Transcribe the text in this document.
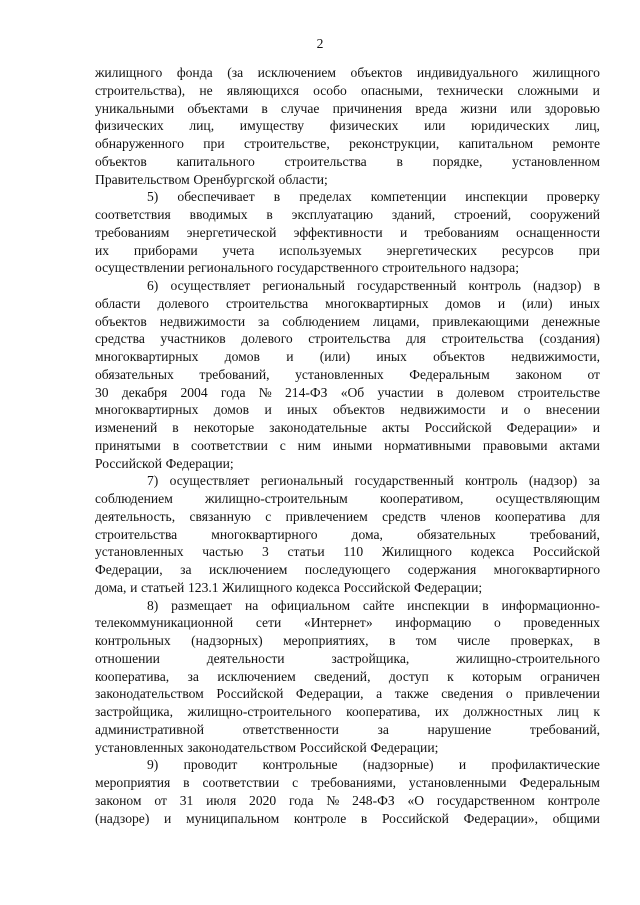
2
жилищного фонда (за исключением объектов индивидуального жилищного
строительства), не являющихся особо опасными, технически сложными и
уникальными объектами в случае причинения вреда жизни или здоровью
физических лиц, имуществу физических или юридических лиц,
обнаруженного при строительстве, реконструкции, капитальном ремонте
объектов капитального строительства в порядке, установленном
Правительством Оренбургской области;
5) обеспечивает в пределах компетенции инспекции проверку
соответствия вводимых в эксплуатацию зданий, строений, сооружений
требованиям энергетической эффективности и требованиям оснащенности
их приборами учета используемых энергетических ресурсов при
осуществлении регионального государственного строительного надзора;
6) осуществляет региональный государственный контроль (надзор) в
области долевого строительства многоквартирных домов и (или) иных
объектов недвижимости за соблюдением лицами, привлекающими денежные
средства участников долевого строительства для строительства (создания)
многоквартирных домов и (или) иных объектов недвижимости,
обязательных требований, установленных Федеральным законом от
30 декабря 2004 года № 214-ФЗ «Об участии в долевом строительстве
многоквартирных домов и иных объектов недвижимости и о внесении
изменений в некоторые законодательные акты Российской Федерации» и
принятыми в соответствии с ним иными нормативными правовыми актами
Российской Федерации;
7) осуществляет региональный государственный контроль (надзор) за
соблюдением жилищно-строительным кооперативом, осуществляющим
деятельность, связанную с привлечением средств членов кооператива для
строительства	многоквартирного	дома,	обязательных	требований,
установленных частью 3 статьи 110 Жилищного кодекса Российской
Федерации, за исключением последующего содержания многоквартирного
дома, и статьей 123.1 Жилищного кодекса Российской Федерации;
8) размещает на официальном сайте инспекции в информационно-
телекоммуникационной сети «Интернет» информацию о проведенных
контрольных (надзорных) мероприятиях, в том числе проверках, в
отношении	деятельности	застройщика,	жилищно-строительного
кооператива, за исключением сведений, доступ к которым ограничен
законодательством Российской Федерации, а также сведения о привлечении
застройщика, жилищно-строительного кооператива, их должностных лиц к
административной	ответственности	за	нарушение	требований,
установленных законодательством Российской Федерации;
9) проводит контрольные (надзорные) и профилактические
мероприятия в соответствии с требованиями, установленными Федеральным
законом от 31 июля 2020 года № 248-ФЗ «О государственном контроле
(надзоре) и муниципальном контроле в Российской Федерации», общими
